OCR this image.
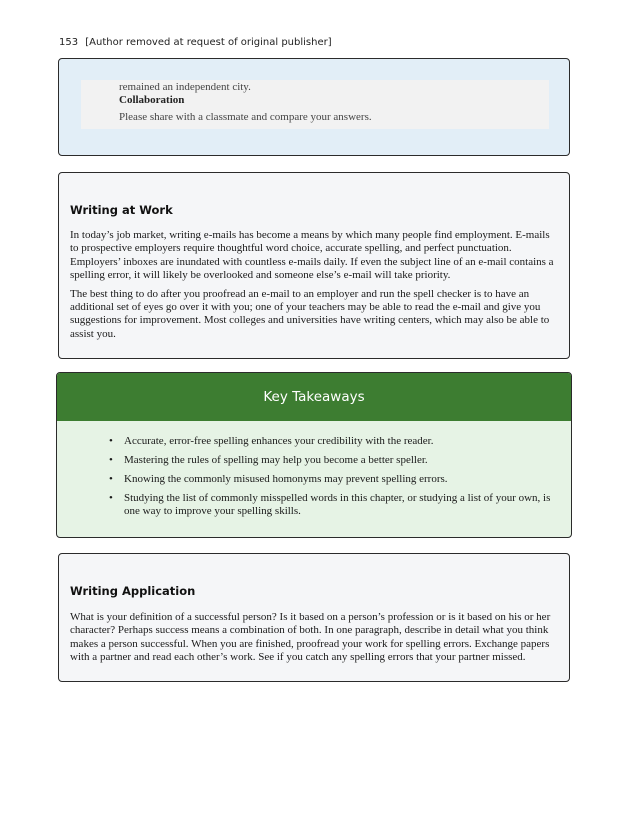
153 [Author removed at request of original publisher]
remained an independent city.
Collaboration
Please share with a classmate and compare your answers.
Writing at Work

In today’s job market, writing e-mails has become a means by which many people find employment. E-mails to prospective employers require thoughtful word choice, accurate spelling, and perfect punctuation. Employers’ inboxes are inundated with countless e-mails daily. If even the subject line of an e-mail contains a spelling error, it will likely be overlooked and someone else’s e-mail will take priority.

The best thing to do after you proofread an e-mail to an employer and run the spell checker is to have an additional set of eyes go over it with you; one of your teachers may be able to read the e-mail and give you suggestions for improvement. Most colleges and universities have writing centers, which may also be able to assist you.

Key Takeaways
• Accurate, error-free spelling enhances your credibility with the reader.
• Mastering the rules of spelling may help you become a better speller.
• Knowing the commonly misused homonyms may prevent spelling errors.
• Studying the list of commonly misspelled words in this chapter, or studying a list of your own, is one way to improve your spelling skills.
Writing Application

What is your definition of a successful person? Is it based on a person’s profession or is it based on his or her character? Perhaps success means a combination of both. In one paragraph, describe in detail what you think makes a person successful. When you are finished, proofread your work for spelling errors. Exchange papers with a partner and read each other’s work. See if you catch any spelling errors that your partner missed.
